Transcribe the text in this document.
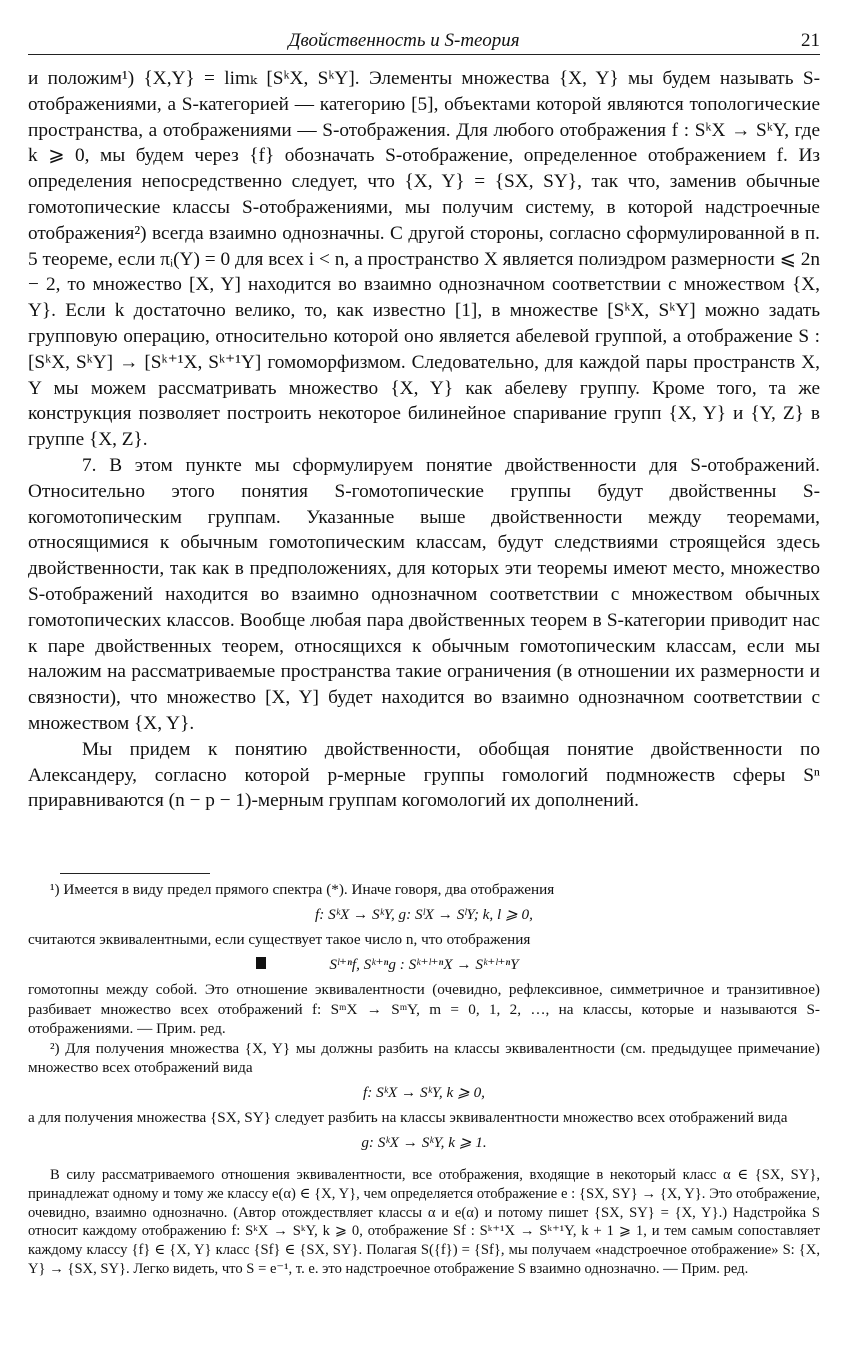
Двойственность и S-теория	21

и положим¹) {X,Y} = limₖ [SᵏX, SᵏY]. Элементы множества {X, Y} мы будем называть S-отображениями, а S-категорией — категорию [5], объектами которой являются топологические пространства, а отображениями — S-отображения. Для любого отображения f : SᵏX → SᵏY, где k ⩾ 0, мы будем через {f} обозначать S-отображение, определенное отображением f. Из определения непосредственно следует, что {X, Y} = {SX, SY}, так что, заменив обычные гомотопические классы S-отображениями, мы получим систему, в которой надстроечные отображения²) всегда взаимно однозначны. С другой стороны, согласно сформулированной в п. 5 теореме, если πᵢ(Y) = 0 для всех i < n, а пространство X является полиэдром размерности ⩽ 2n − 2, то множество [X, Y] находится во взаимно однозначном соответствии с множеством {X, Y}. Если k достаточно велико, то, как известно [1], в множестве [SᵏX, SᵏY] можно задать групповую операцию, относительно которой оно является абелевой группой, а отображение S : [SᵏX, SᵏY] → [Sᵏ⁺¹X, Sᵏ⁺¹Y] гомоморфизмом. Следовательно, для каждой пары пространств X, Y мы можем рассматривать множество {X, Y} как абелеву группу. Кроме того, та же конструкция позволяет построить некоторое билинейное спаривание групп {X, Y} и {Y, Z} в группе {X, Z}.

7. В этом пункте мы сформулируем понятие двойственности для S-отображений. Относительно этого понятия S-гомотопические группы будут двойственны S-когомотопическим группам. Указанные выше двойственности между теоремами, относящимися к обычным гомотопическим классам, будут следствиями строящейся здесь двойственности, так как в предположениях, для которых эти теоремы имеют место, множество S-отображений находится во взаимно однозначном соответствии с множеством обычных гомотопических классов. Вообще любая пара двойственных теорем в S-категории приводит нас к паре двойственных теорем, относящихся к обычным гомотопическим классам, если мы наложим на рассматриваемые пространства такие ограничения (в отношении их размерности и связности), что множество [X, Y] будет находится во взаимно однозначном соответствии с множеством {X, Y}.

Мы придем к понятию двойственности, обобщая понятие двойственности по Александеру, согласно которой p-мерные группы гомологий подмножеств сферы Sⁿ приравниваются (n − p − 1)-мерным группам когомологий их дополнений.

¹) Имеется в виду предел прямого спектра (*). Иначе говоря, два отображения

f: SᵏX → SᵏY, g: SˡX → SˡY; k, l ⩾ 0,

считаются эквивалентными, если существует такое число n, что отображения

Sˡ⁺ⁿf, Sᵏ⁺ⁿg : Sᵏ⁺ˡ⁺ⁿX → Sᵏ⁺ˡ⁺ⁿY

гомотопны между собой. Это отношение эквивалентности (очевидно, рефлексивное, симметричное и транзитивное) разбивает множество всех отображений f: SᵐX → SᵐY, m = 0, 1, 2, …, на классы, которые и называются S-отображениями. — Прим. ред.

²) Для получения множества {X, Y} мы должны разбить на классы эквивалентности (см. предыдущее примечание) множество всех отображений вида

f: SᵏX → SᵏY, k ⩾ 0,

а для получения множества {SX, SY} следует разбить на классы эквивалентности множество всех отображений вида

g: SᵏX → SᵏY, k ⩾ 1.

В силу рассматриваемого отношения эквивалентности, все отображения, входящие в некоторый класс α ∈ {SX, SY}, принадлежат одному и тому же классу e(α) ∈ {X, Y}, чем определяется отображение e : {SX, SY} → {X, Y}. Это отображение, очевидно, взаимно однозначно. (Автор отождествляет классы α и e(α) и потому пишет {SX, SY} = {X, Y}.) Надстройка S относит каждому отображению f: SᵏX → SᵏY, k ⩾ 0, отображение Sf : Sᵏ⁺¹X → Sᵏ⁺¹Y, k + 1 ⩾ 1, и тем самым сопоставляет каждому классу {f} ∈ {X, Y} класс {Sf} ∈ {SX, SY}. Полагая S({f}) = {Sf}, мы получаем «надстроечное отображение» S: {X, Y} → {SX, SY}. Легко видеть, что S = e⁻¹, т. е. это надстроечное отображение S взаимно однозначно. — Прим. ред.
